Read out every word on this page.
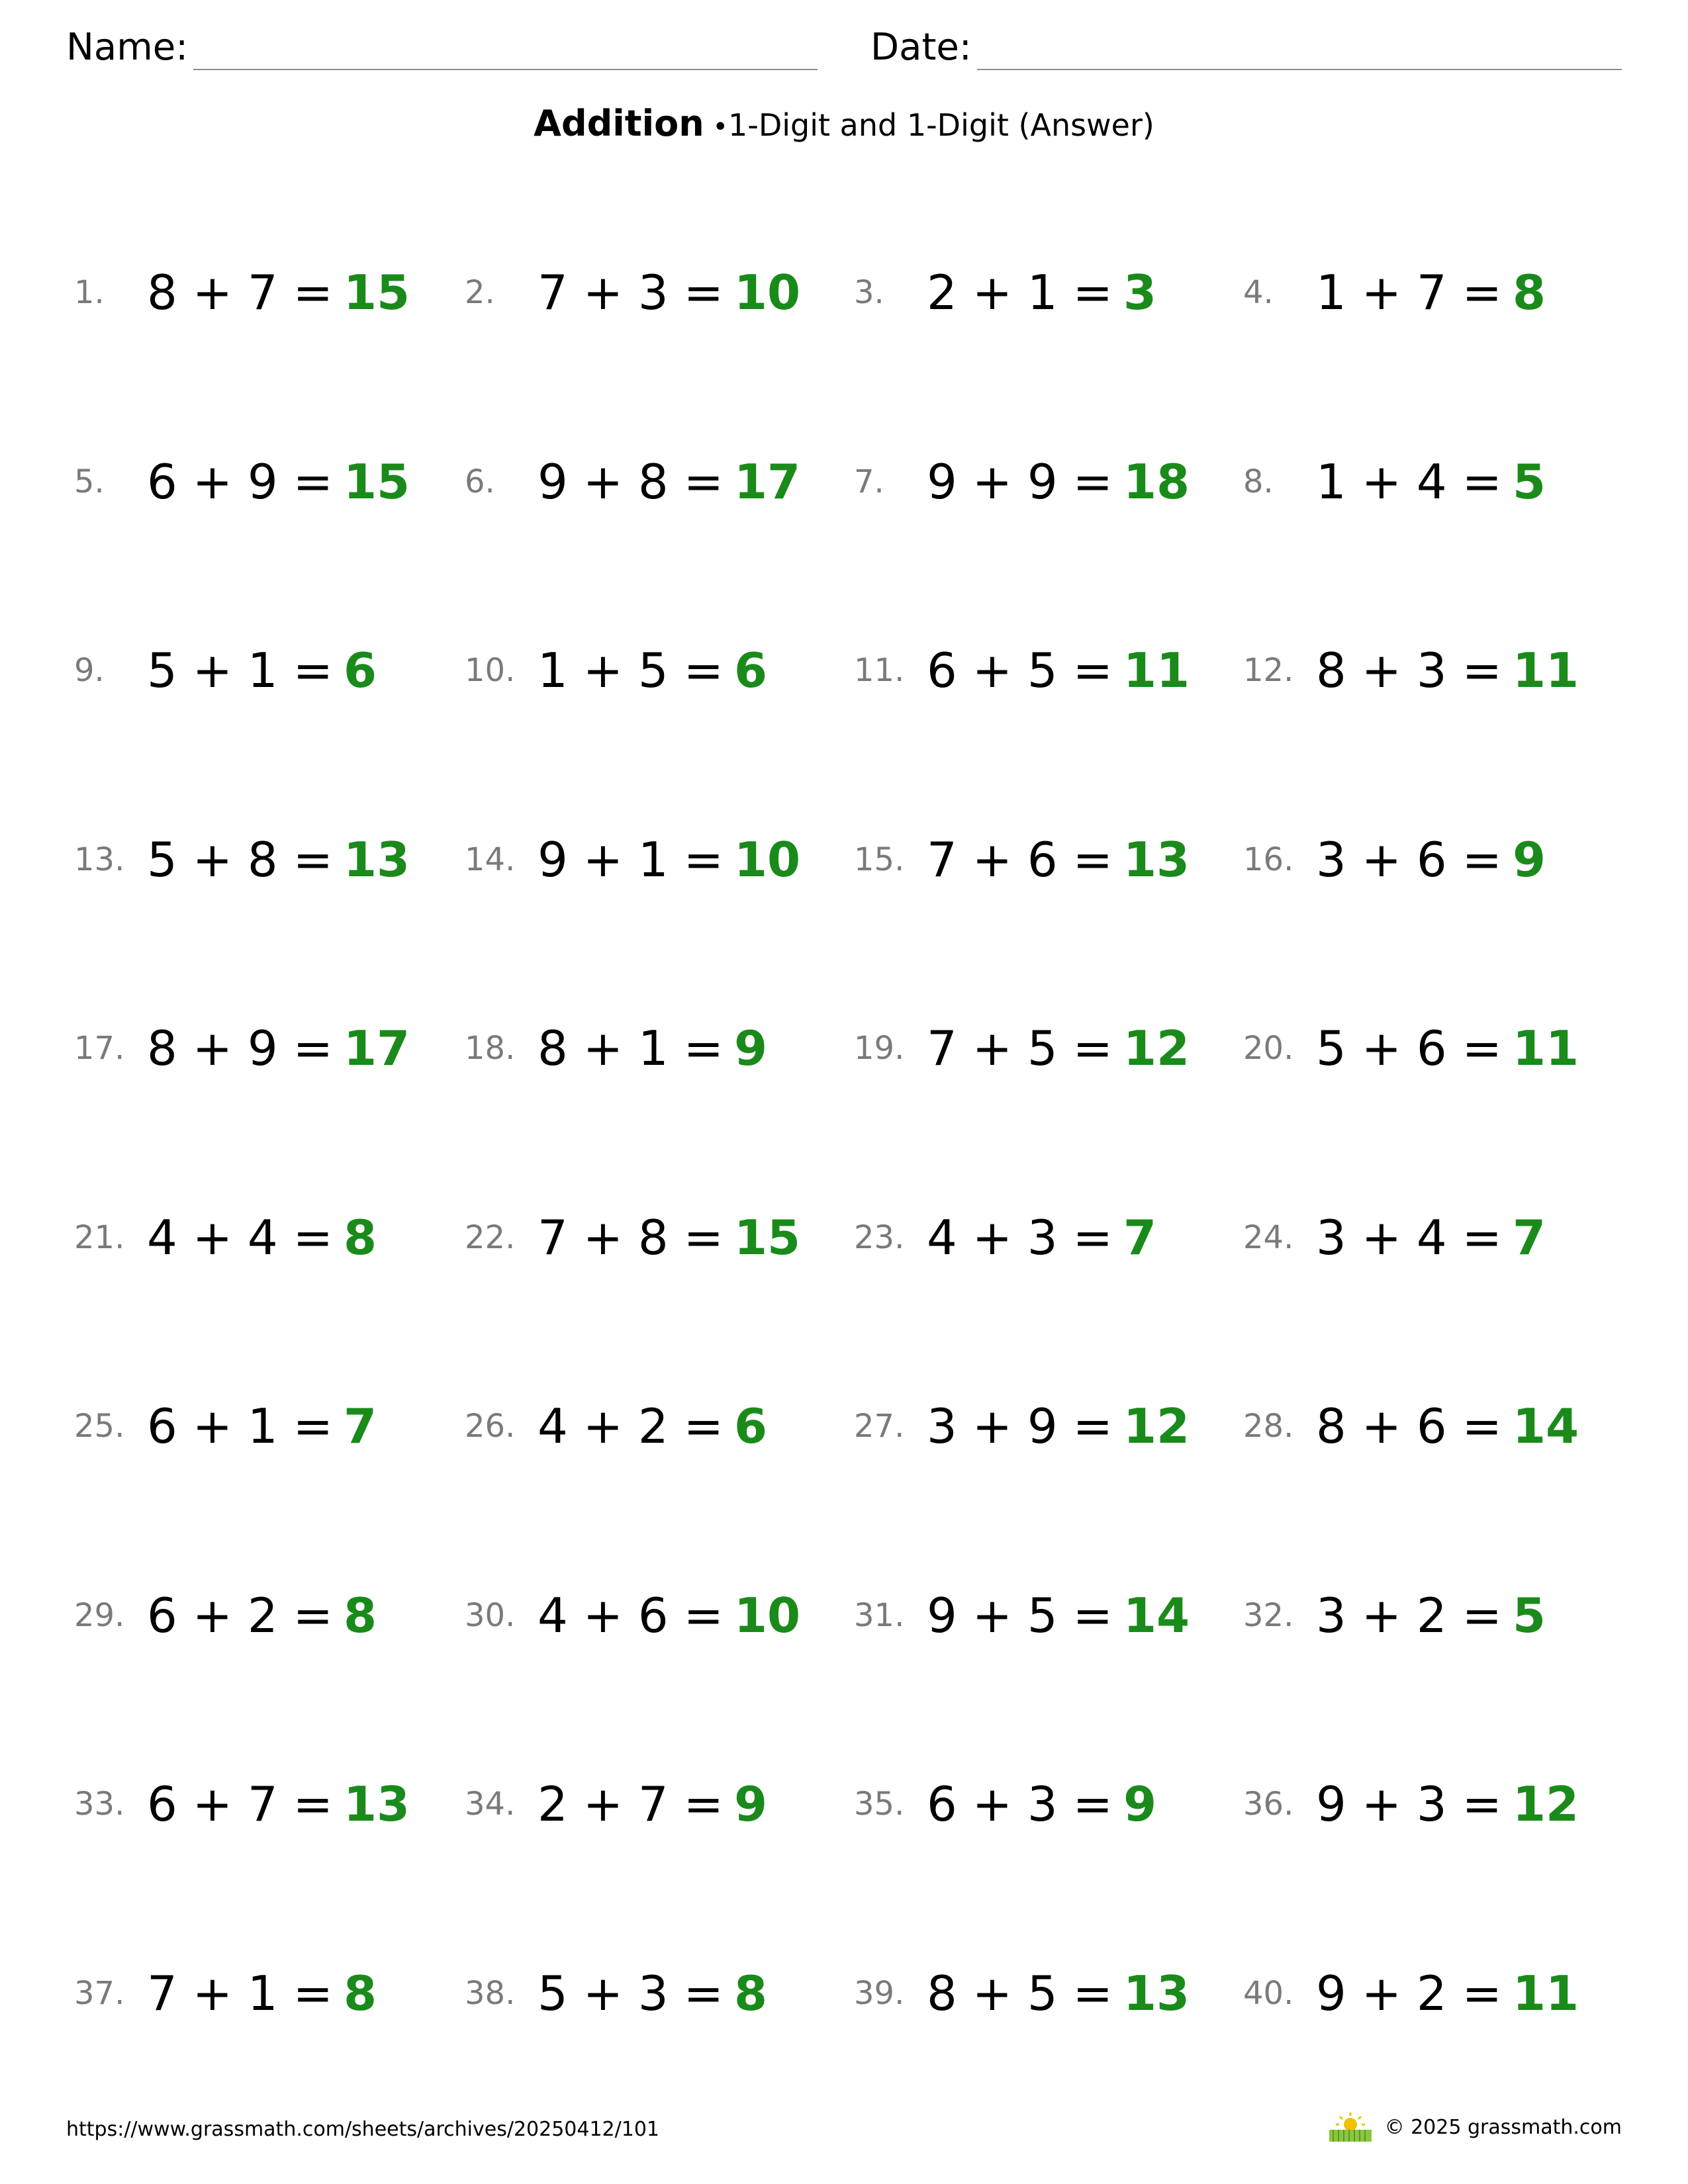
Name:	Date:
Addition •1-Digit and 1-Digit (Answer)
1. 8 + 7 = 15 2. 7 + 3 = 10 3. 2 + 1 = 3	4. 1 + 7 = 8
5. 6 + 9 = 15 6. 9 + 8 = 17 7. 9 + 9 = 18 8. 1 + 4 = 5
9. 5 + 1 = 6	10. 1 + 5 = 6	11. 6 + 5 = 11 12. 8 + 3 = 11
13. 5 + 8 = 13 14. 9 + 1 = 10 15. 7 + 6 = 13 16. 3 + 6 = 9
17. 8 + 9 = 17 18. 8 + 1 = 9	19. 7 + 5 = 12 20. 5 + 6 = 11
21. 4 + 4 = 8	22. 7 + 8 = 15 23. 4 + 3 = 7	24. 3 + 4 = 7
25. 6 + 1 = 7	26. 4 + 2 = 6	27. 3 + 9 = 12 28. 8 + 6 = 14
29. 6 + 2 = 8	30. 4 + 6 = 10 31. 9 + 5 = 14 32. 3 + 2 = 5
33. 6 + 7 = 13 34. 2 + 7 = 9	35. 6 + 3 = 9	36. 9 + 3 = 12
37. 7 + 1 = 8	38. 5 + 3 = 8	39. 8 + 5 = 13 40. 9 + 2 = 11
https://www.grassmath.com/sheets/archives/20250412/101	© 2025 grassmath.com
